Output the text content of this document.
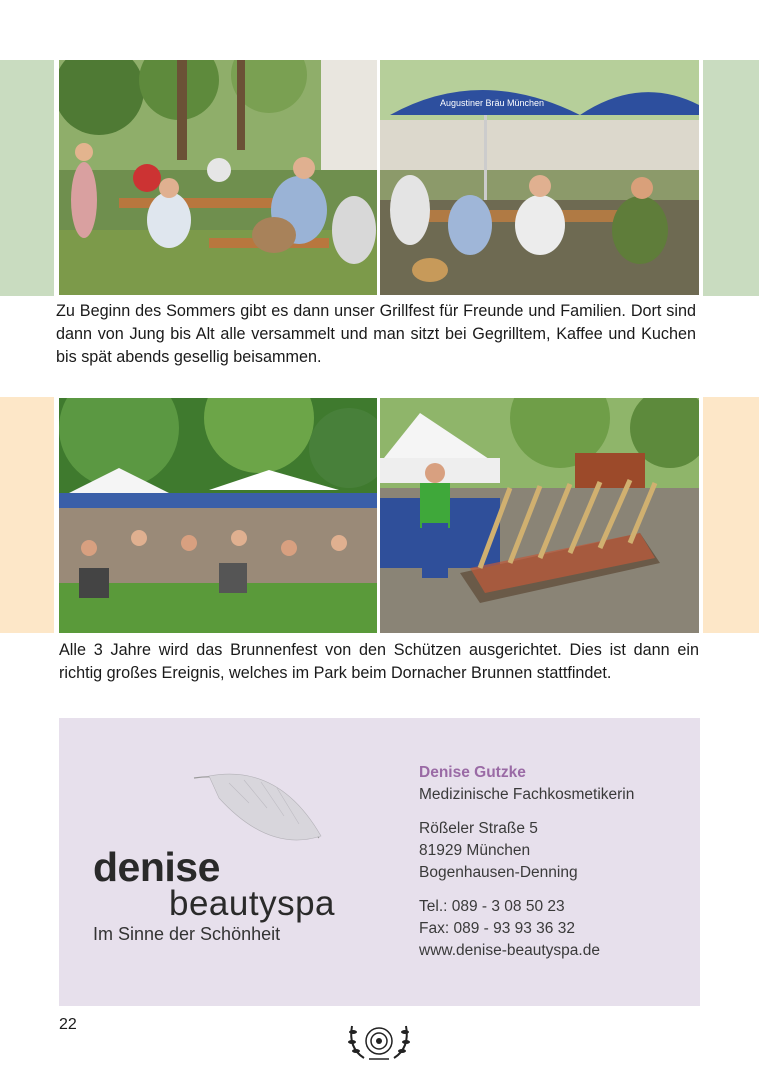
Augustiner Bräu München
Zu Beginn des Sommers gibt es dann unser Grillfest für Freunde und Familien. Dort sind dann von Jung bis Alt alle versammelt und man sitzt bei Gegrilltem, Kaffee und Kuchen bis spät abends gesellig beisammen.
Alle 3 Jahre wird das Brunnenfest von den Schützen ausgerichtet. Dies ist dann ein richtig großes Ereignis, welches im Park beim Dornacher Brunnen stattfindet.
denise
beautyspa
Im Sinne der Schönheit
Denise Gutzke
Medizinische Fachkosmetikerin
Rößeler Straße 5
81929 München
Bogenhausen-Denning
Tel.: 089 - 3 08 50 23
Fax: 089 - 93 93 36 32
www.denise-beautyspa.de
22
